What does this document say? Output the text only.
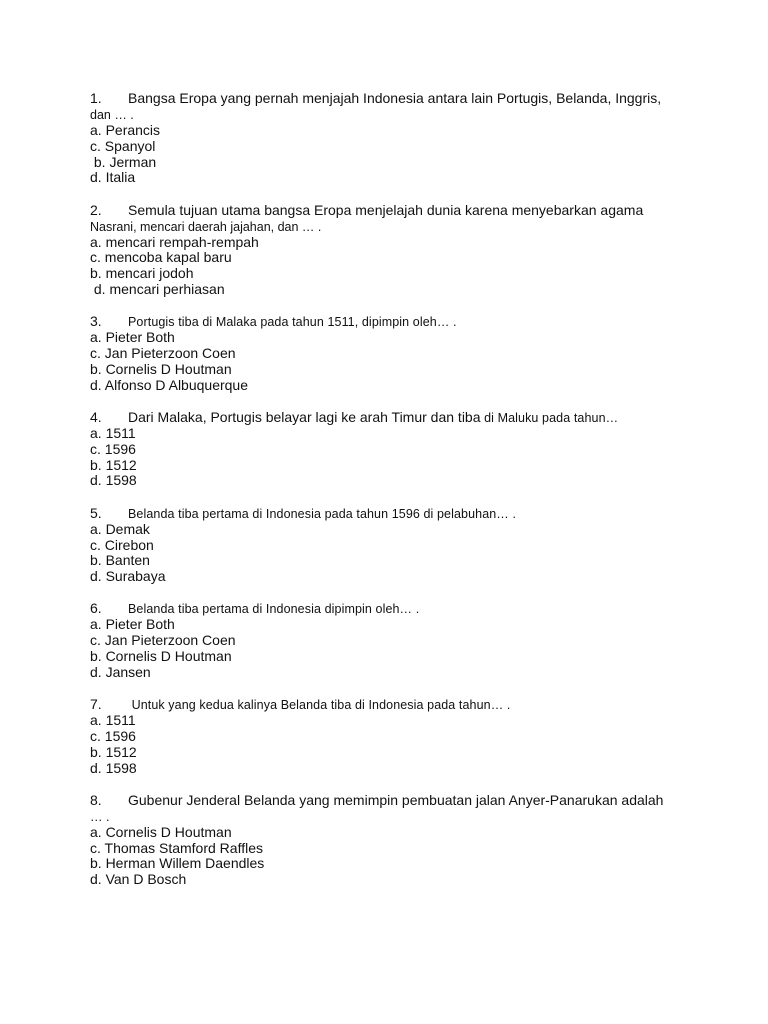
1. Bangsa Eropa yang pernah menjajah Indonesia antara lain Portugis, Belanda, Inggris,

dan … .

a. Perancis

c. Spanyol

b. Jerman

d. Italia

2. Semula tujuan utama bangsa Eropa menjelajah dunia karena menyebarkan agama

Nasrani, mencari daerah jajahan, dan … .

a. mencari rempah-rempah

c. mencoba kapal baru

b. mencari jodoh

d. mencari perhiasan

3. Portugis tiba di Malaka pada tahun 1511, dipimpin oleh… .

a. Pieter Both

c. Jan Pieterzoon Coen

b. Cornelis D Houtman

d. Alfonso D Albuquerque

4. Dari Malaka, Portugis belayar lagi ke arah Timur dan tiba di Maluku pada tahun…

a. 1511

c. 1596

b. 1512

d. 1598

5. Belanda tiba pertama di Indonesia pada tahun 1596 di pelabuhan… .

a. Demak

c. Cirebon

b. Banten

d. Surabaya

6. Belanda tiba pertama di Indonesia dipimpin oleh… .

a. Pieter Both

c. Jan Pieterzoon Coen

b. Cornelis D Houtman

d. Jansen

7. Untuk yang kedua kalinya Belanda tiba di Indonesia pada tahun… .

a. 1511

c. 1596

b. 1512

d. 1598

8. Gubenur Jenderal Belanda yang memimpin pembuatan jalan Anyer-Panarukan adalah

… .

a. Cornelis D Houtman

c. Thomas Stamford Raffles

b. Herman Willem Daendles

d. Van D Bosch
